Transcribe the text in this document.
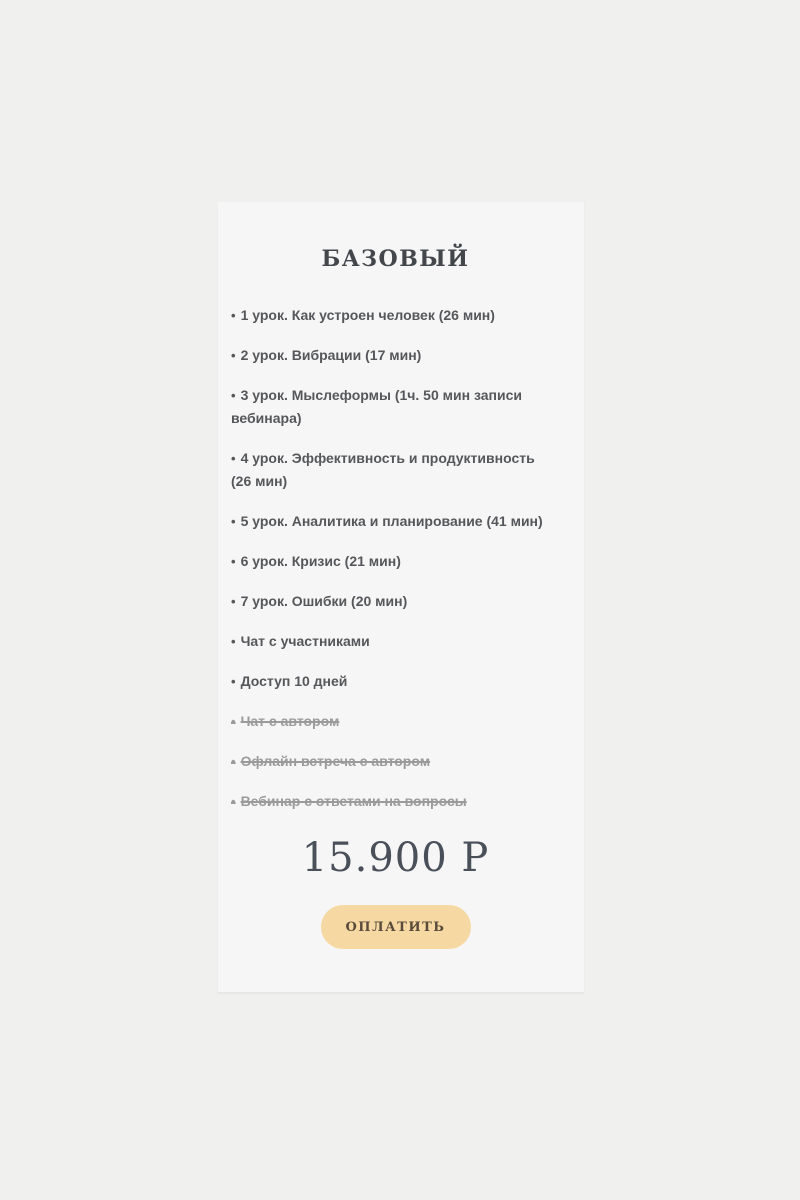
БАЗОВЫЙ
• 1 урок. Как устроен человек (26 мин)
• 2 урок. Вибрации (17 мин)
• 3 урок. Мыслеформы (1ч. 50 мин записи вебинара)
• 4 урок. Эффективность и продуктивность (26 мин)
• 5 урок. Аналитика и планирование (41 мин)
• 6 урок. Кризис (21 мин)
• 7 урок. Ошибки (20 мин)
• Чат с участниками
• Доступ 10 дней
• Чат с автором
• Офлайн встреча с автором
• Вебинар с ответами на вопросы
15.900 Р
ОПЛАТИТЬ
